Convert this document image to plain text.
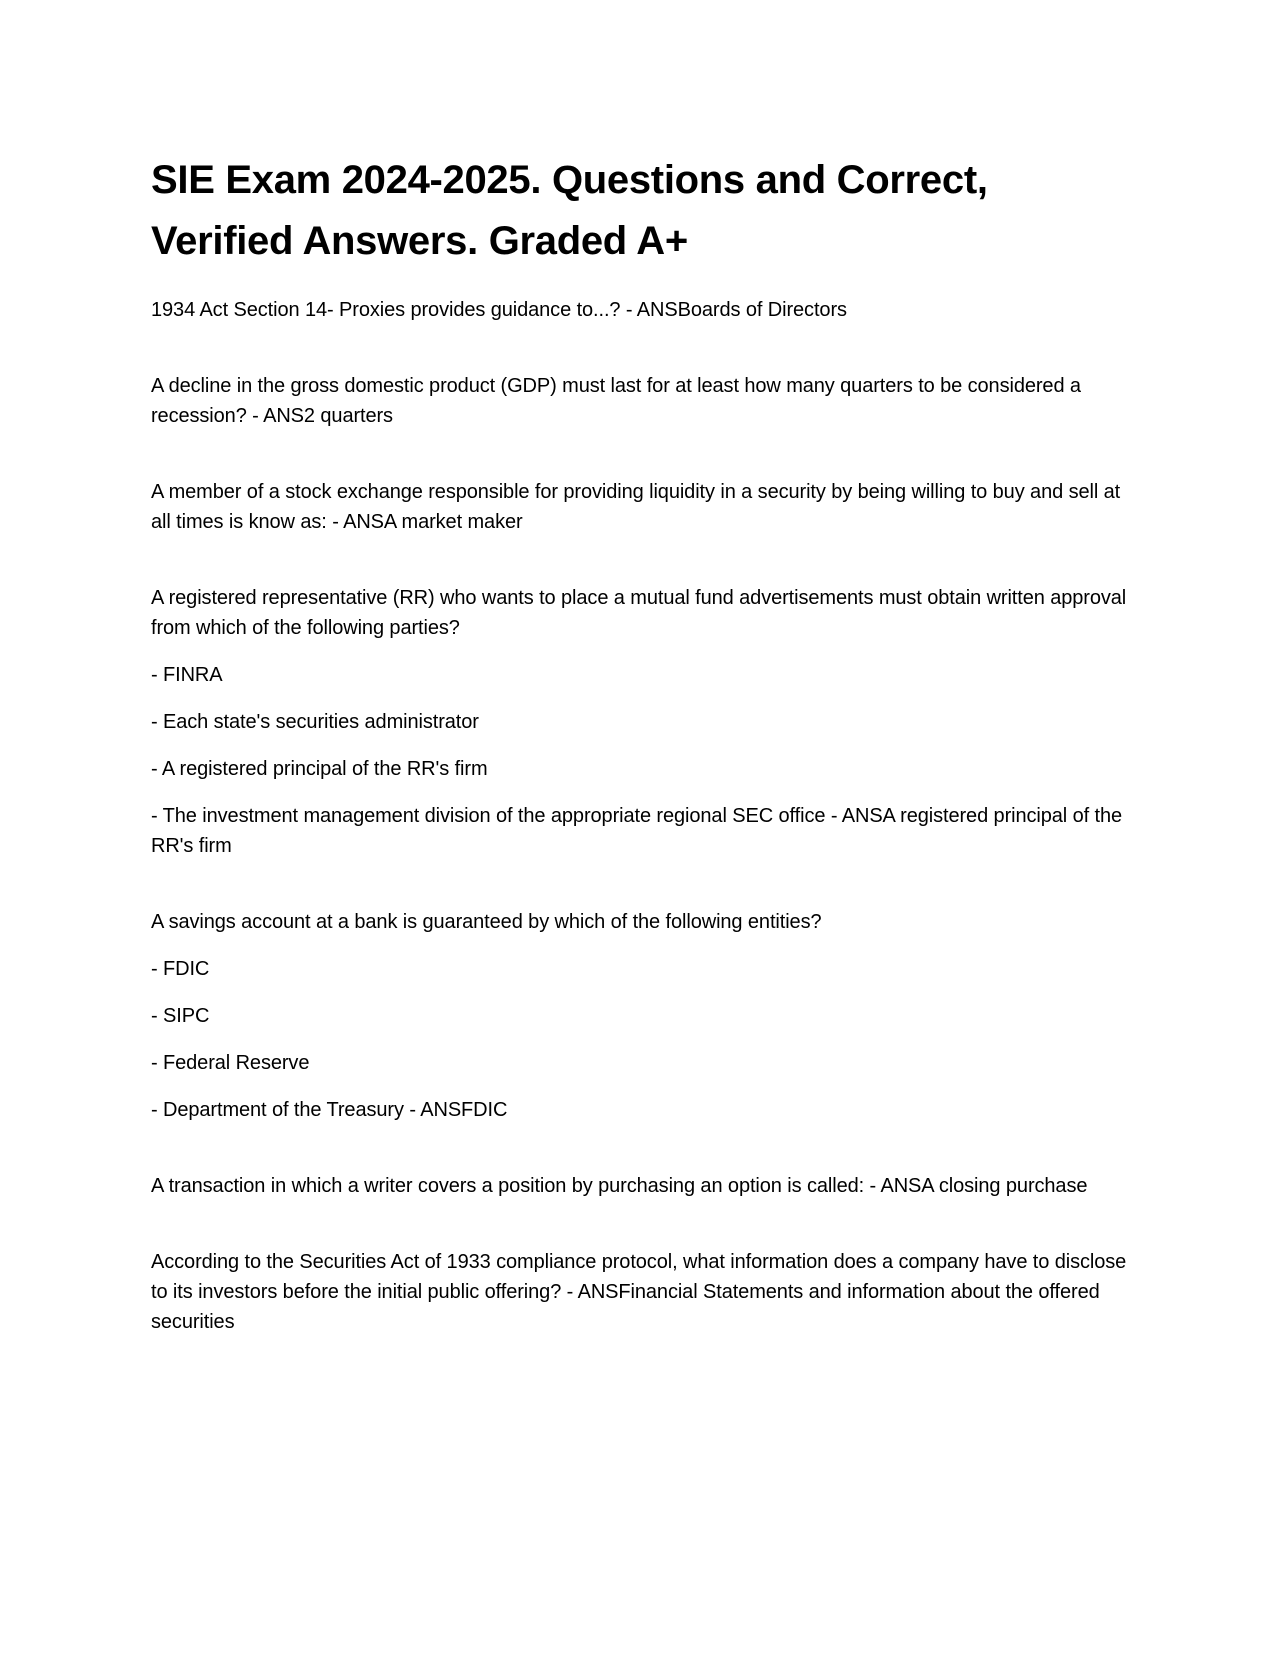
SIE Exam 2024-2025. Questions and Correct, Verified Answers. Graded A+

1934 Act Section 14- Proxies provides guidance to...? - ANSBoards of Directors

A decline in the gross domestic product (GDP) must last for at least how many quarters to be considered a recession? - ANS2 quarters

A member of a stock exchange responsible for providing liquidity in a security by being willing to buy and sell at all times is know as: - ANSA market maker

A registered representative (RR) who wants to place a mutual fund advertisements must obtain written approval from which of the following parties?

- FINRA

- Each state's securities administrator

- A registered principal of the RR's firm

- The investment management division of the appropriate regional SEC office - ANSA registered principal of the RR's firm

A savings account at a bank is guaranteed by which of the following entities?

- FDIC

- SIPC

- Federal Reserve

- Department of the Treasury - ANSFDIC

A transaction in which a writer covers a position by purchasing an option is called: - ANSA closing purchase

According to the Securities Act of 1933 compliance protocol, what information does a company have to disclose to its investors before the initial public offering? - ANSFinancial Statements and information about the offered securities
